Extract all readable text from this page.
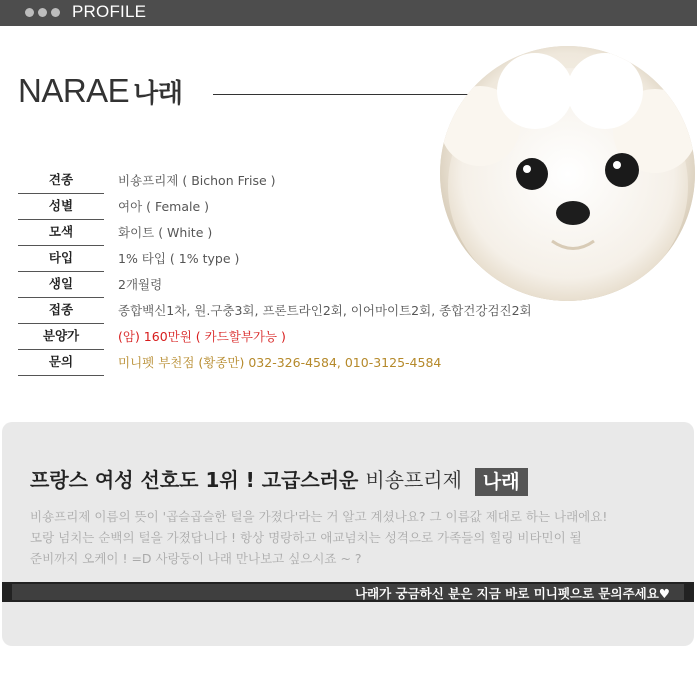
PROFILE
NARAE 나래
견종	비숑프리제 ( Bichon Frise )
성별	여아 ( Female )
모색	화이트 ( White )
타입	1% 타입 ( 1% type )
생일	2개월령
접종	종합백신1차, 원.구충3회, 프론트라인2회, 이어마이트2회, 종합건강검진2회
분양가	(암) 160만원 ( 카드할부가능 )
문의	미니펫 부천점 (황종만) 032-326-4584, 010-3125-4584
프랑스 여성 선호도 1위 ! 고급스러운 비숑프리제 나래
비숑프리제 이름의 뜻이 '곱슬곱슬한 털을 가졌다'라는 거 알고 계셨나요? 그 이름값 제대로 하는 나래에요!
모랑 넘치는 순백의 털을 가졌답니다 ! 항상 명랑하고 애교넘치는 성격으로 가족들의 힐링 비타민이 될
준비까지 오케이 ! =D 사랑둥이 나래 만나보고 싶으시죠 ~ ?
나래가 궁금하신 분은 지금 바로 미니펫으로 문의주세요♥
